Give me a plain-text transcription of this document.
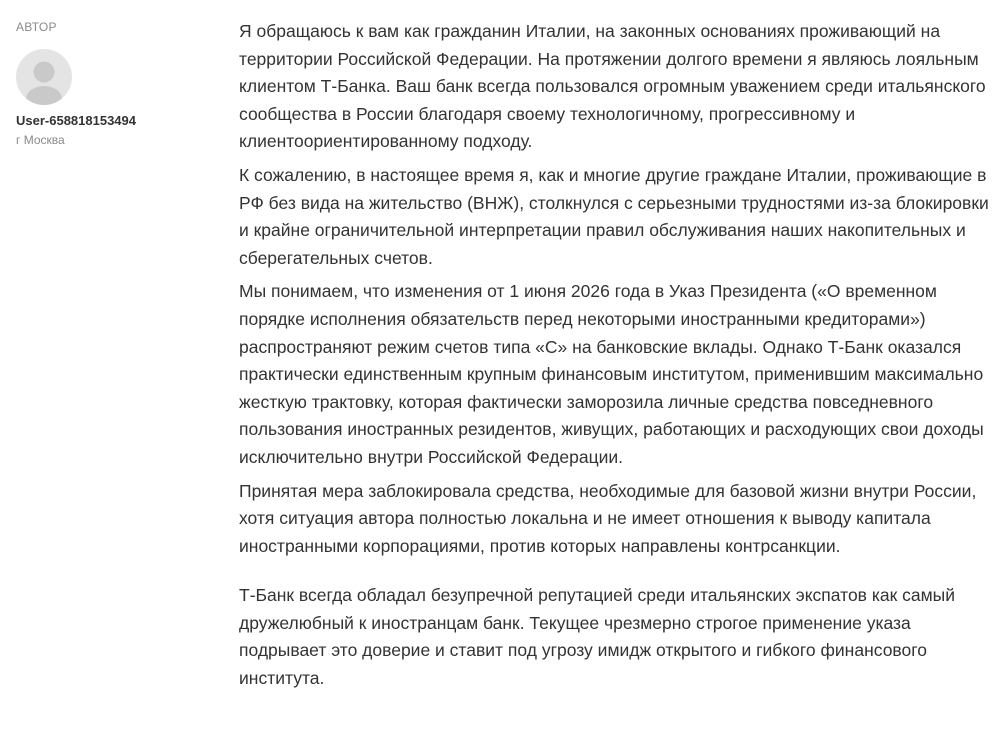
АВТОР
User-658818153494
г Москва

Я обращаюсь к вам как гражданин Италии, на законных основаниях проживающий на территории Российской Федерации. На протяжении долгого времени я являюсь лояльным клиентом Т-Банка. Ваш банк всегда пользовался огромным уважением среди итальянского сообщества в России благодаря своему технологичному, прогрессивному и клиентоориентированному подходу.

К сожалению, в настоящее время я, как и многие другие граждане Италии, проживающие в РФ без вида на жительство (ВНЖ), столкнулся с серьезными трудностями из-за блокировки и крайне ограничительной интерпретации правил обслуживания наших накопительных и сберегательных счетов.

Мы понимаем, что изменения от 1 июня 2026 года в Указ Президента («О временном порядке исполнения обязательств перед некоторыми иностранными кредиторами») распространяют режим счетов типа «С» на банковские вклады. Однако Т-Банк оказался практически единственным крупным финансовым институтом, применившим максимально жесткую трактовку, которая фактически заморозила личные средства повседневного пользования иностранных резидентов, живущих, работающих и расходующих свои доходы исключительно внутри Российской Федерации.

Принятая мера заблокировала средства, необходимые для базовой жизни внутри России, хотя ситуация автора полностью локальна и не имеет отношения к выводу капитала иностранными корпорациями, против которых направлены контрсанкции.

Т-Банк всегда обладал безупречной репутацией среди итальянских экспатов как самый дружелюбный к иностранцам банк. Текущее чрезмерно строгое применение указа подрывает это доверие и ставит под угрозу имидж открытого и гибкого финансового института.
